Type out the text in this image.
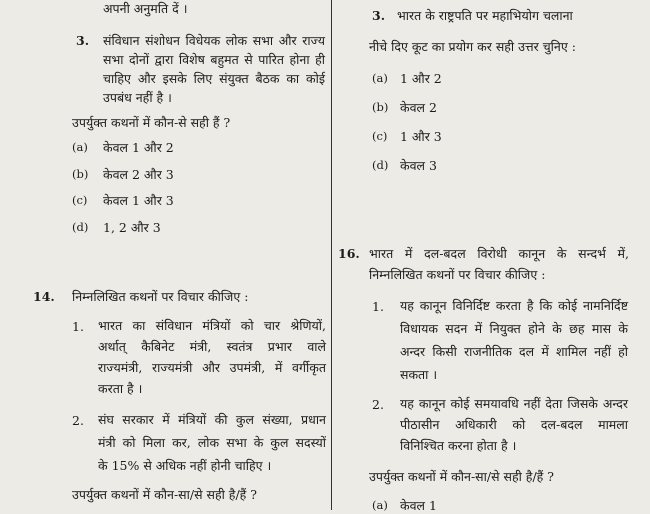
अपनी अनुमति दें ।
3. संविधान संशोधन विधेयक लोक सभा और राज्य
सभा दोनों द्वारा विशेष बहुमत से पारित होना ही
चाहिए और इसके लिए संयुक्त बैठक का कोई
उपबंध नहीं है ।
उपर्युक्त कथनों में कौन-से सही हैं ?
(a) केवल 1 और 2
(b) केवल 2 और 3
(c) केवल 1 और 3
(d) 1, 2 और 3
14. निम्नलिखित कथनों पर विचार कीजिए :
1. भारत का संविधान मंत्रियों को चार श्रेणियों,
अर्थात् कैबिनेट मंत्री, स्वतंत्र प्रभार वाले
राज्यमंत्री, राज्यमंत्री और उपमंत्री, में वर्गीकृत
करता है ।
2. संघ सरकार में मंत्रियों की कुल संख्या, प्रधान
मंत्री को मिला कर, लोक सभा के कुल सदस्यों
के 15% से अधिक नहीं होनी चाहिए ।
उपर्युक्त कथनों में कौन-सा/से सही है/हैं ?
3. भारत के राष्ट्रपति पर महाभियोग चलाना
नीचे दिए कूट का प्रयोग कर सही उत्तर चुनिए :
(a) 1 और 2
(b) केवल 2
(c) 1 और 3
(d) केवल 3
16. भारत में दल-बदल विरोधी कानून के सन्दर्भ में,
निम्नलिखित कथनों पर विचार कीजिए :
1. यह कानून विनिर्दिष्ट करता है कि कोई नामनिर्दिष्ट
विधायक सदन में नियुक्त होने के छह मास के
अन्दर किसी राजनीतिक दल में शामिल नहीं हो
सकता ।
2. यह कानून कोई समयावधि नहीं देता जिसके अन्दर
पीठासीन अधिकारी को दल-बदल मामला
विनिश्चित करना होता है ।
उपर्युक्त कथनों में कौन-सा/से सही है/हैं ?
(a) केवल 1
